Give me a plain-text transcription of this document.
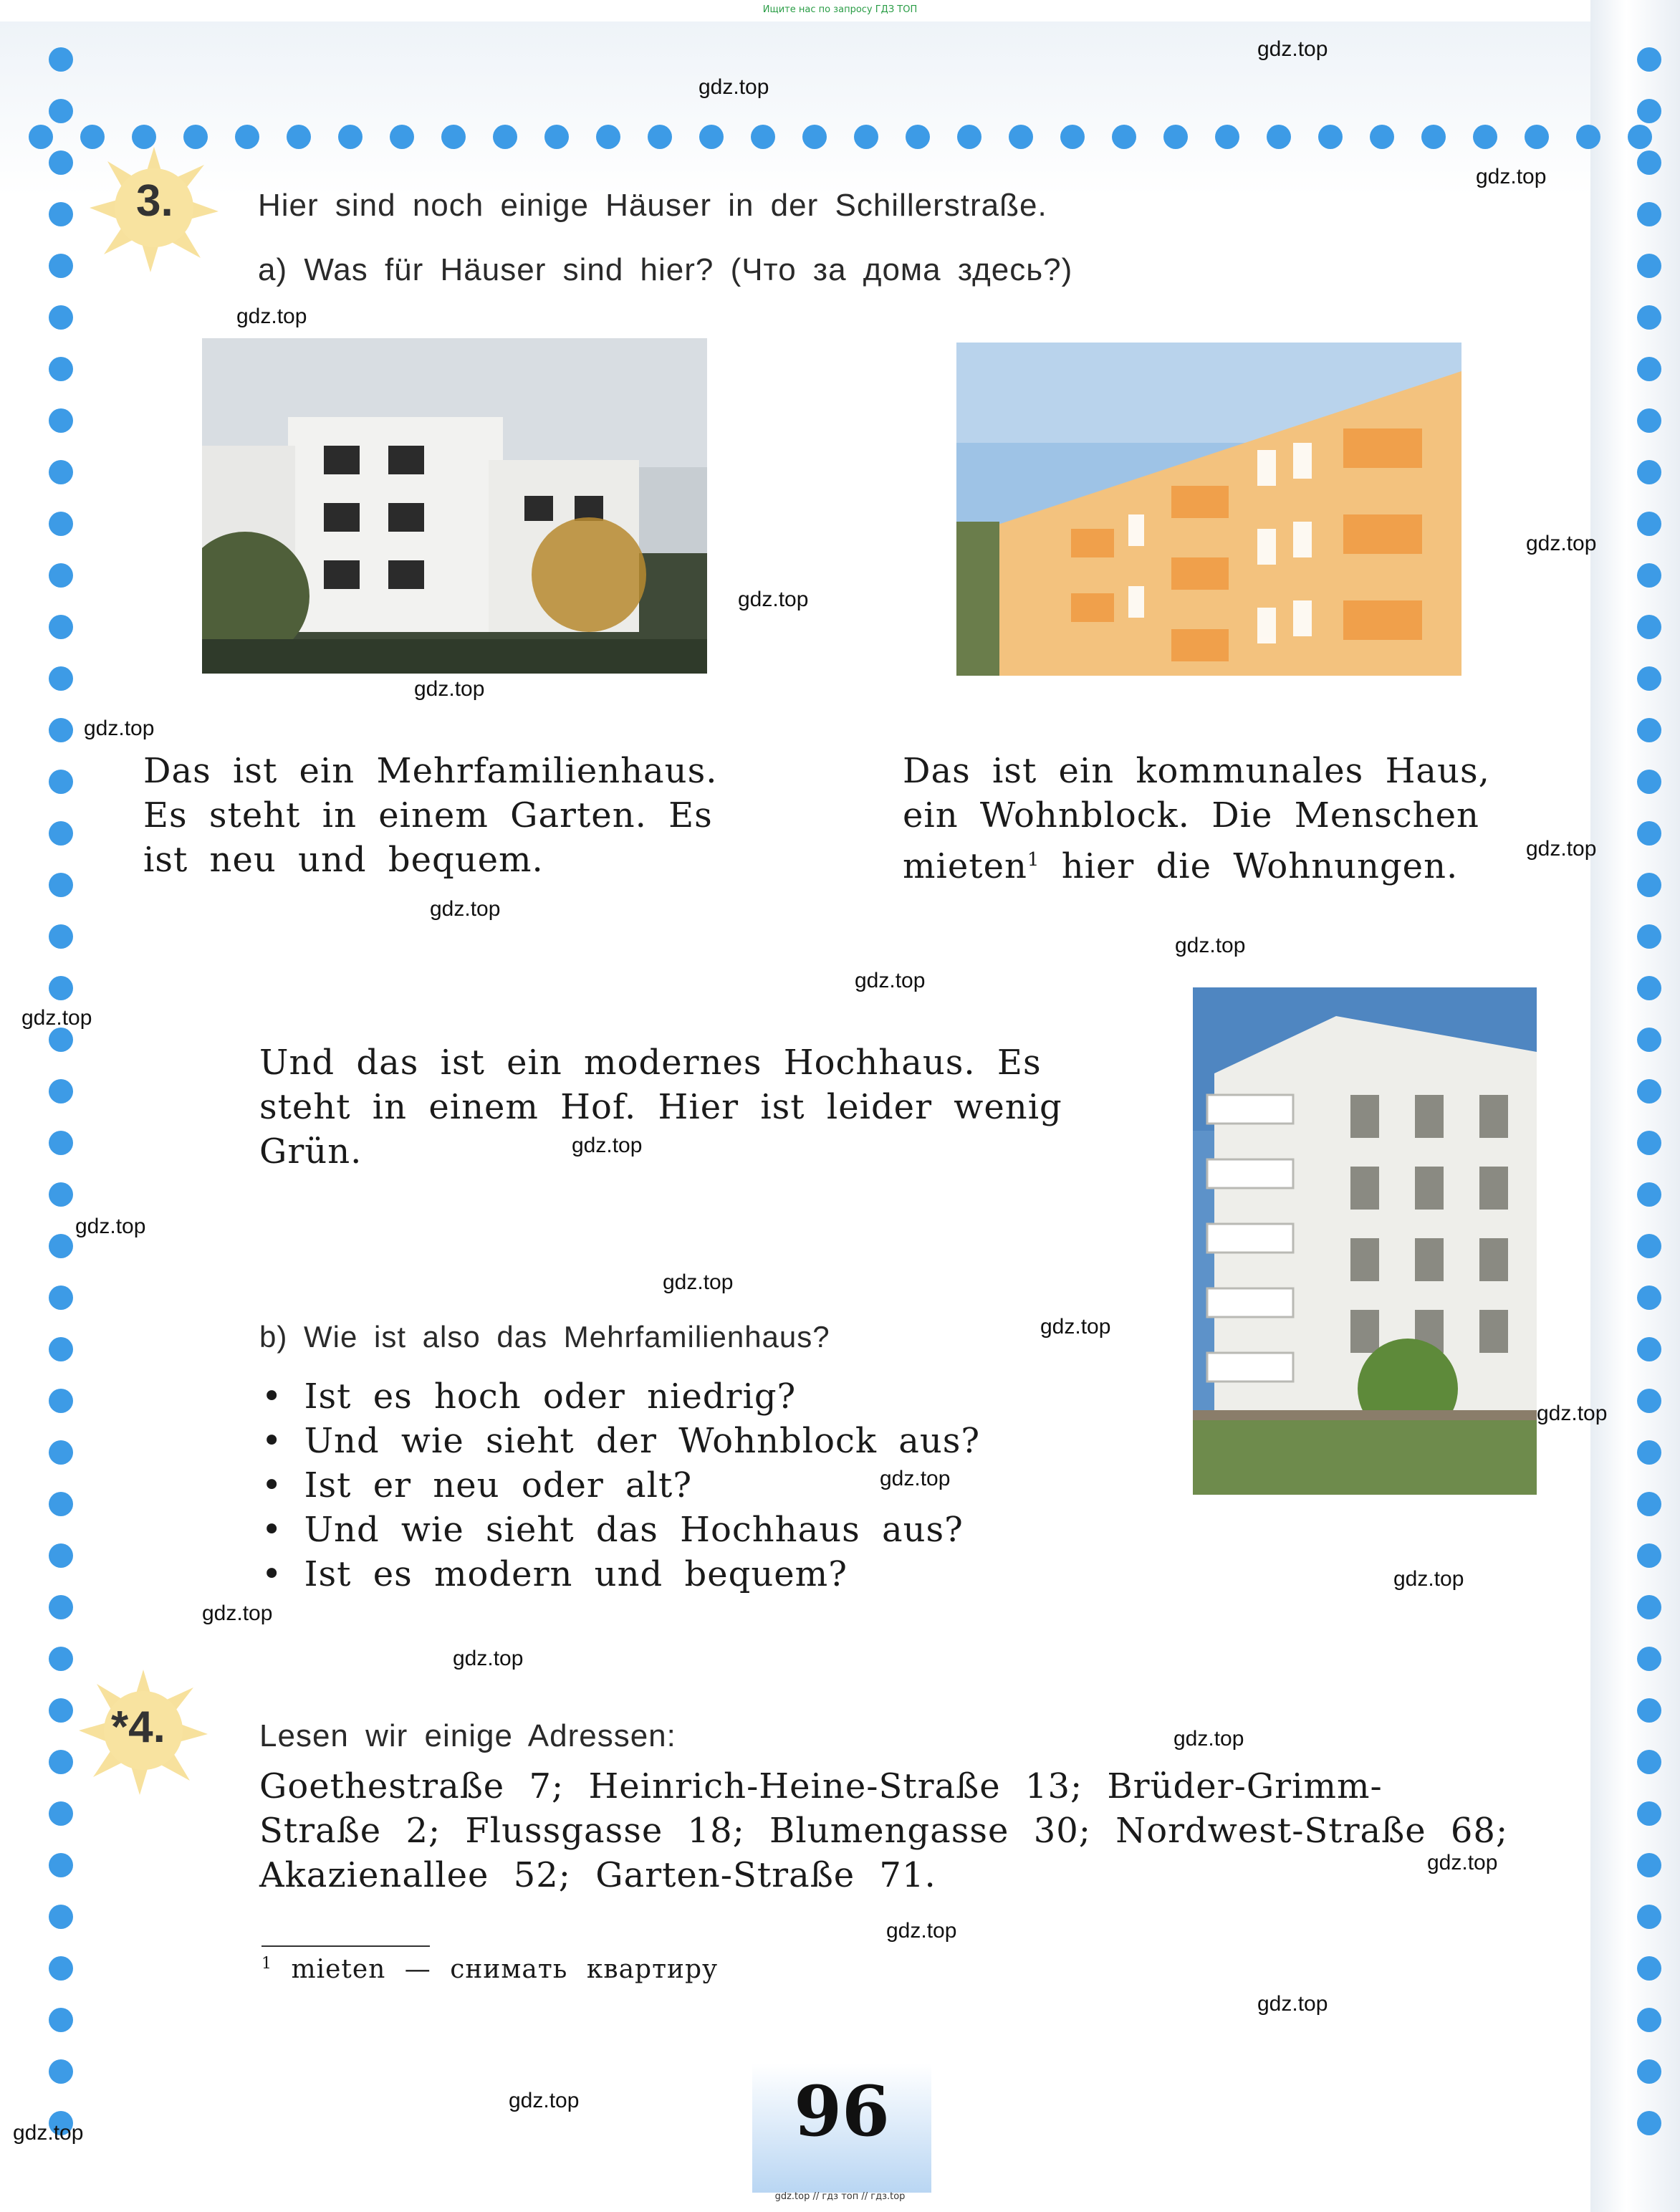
Ищите нас по запросу ГДЗ ТОП
gdz.top
gdz.top
gdz.top
gdz.top
gdz.top
gdz.top
gdz.top
gdz.top
gdz.top
gdz.top
gdz.top
gdz.top
gdz.top
gdz.top
gdz.top
gdz.top
gdz.top
gdz.top
gdz.top
gdz.top
gdz.top
gdz.top
gdz.top
gdz.top
gdz.top
gdz.top
gdz.top
gdz.top
3.	Hier sind noch einige Häuser in der Schillerstraße.
a) Was für Häuser sind hier? (Что за дома здесь?)
Das ist ein Mehrfamilienhaus.
Es steht in einem Garten. Es
ist neu und bequem.
Das ist ein kommunales Haus,
ein Wohnblock. Die Menschen
mieten$^1$ hier die Wohnungen.
Und das ist ein modernes Hochhaus. Es
steht in einem Hof. Hier ist leider wenig
Grün.
b) Wie ist also das Mehrfamilienhaus?
• Ist es hoch oder niedrig?
• Und wie sieht der Wohnblock aus?
• Ist er neu oder alt?
• Und wie sieht das Hochhaus aus?
• Ist es modern und bequem?
*4.	Lesen wir einige Adressen:
Goethestraße 7; Heinrich-Heine-Straße 13; Brüder-Grimm-
Straße 2; Flussgasse 18; Blumengasse 30; Nordwest-Straße 68;
Akazienallee 52; Garten-Straße 71.
$^1$ mieten — снимать квартиру
96
gdz.top // гдз топ // гдз.top
